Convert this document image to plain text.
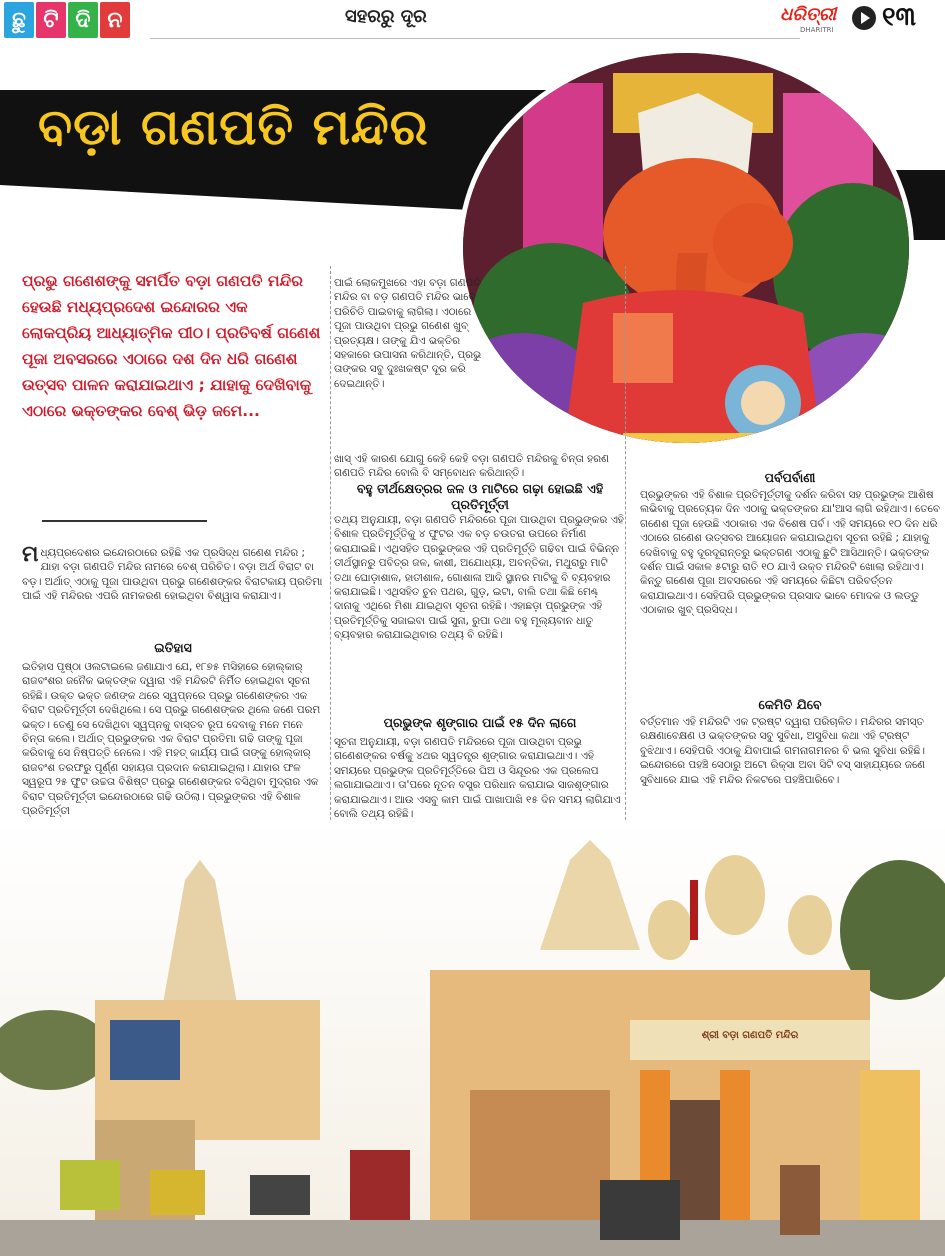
ଛୁ ଟି ଦି ନ	ସହରରୁ ଦୂର	ଧରିତ୍ରୀ
DHARITRI ୧୩
ବଡ଼ା ଗଣପତି ମନ୍ଦିର
ପ୍ରଭୁ ଗଣେଶଙ୍କୁ ସମର୍ପିତ ବଡ଼ା ଗଣପତି ମନ୍ଦିର ହେଉଛି ମଧ୍ୟପ୍ରଦେଶ ଇନ୍ଦୋରର ଏକ ଲୋକପ୍ରିୟ ଆଧ୍ୟାତ୍ମିକ ପୀଠ। ପ୍ରତିବର୍ଷ ଗଣେଶ ପୂଜା ଅବସରରେ ଏଠାରେ ଦଶ ଦିନ ଧରି ଗଣେଶ ଉତ୍ସବ ପାଳନ କରାଯାଇଥାଏ ; ଯାହାକୁ ଦେଖିବାକୁ ଏଠାରେ ଭକ୍ତଙ୍କର ବେଶ୍ ଭିଡ଼ ଜମେ...
ମ ଧ୍ୟପ୍ରଦେଶର ଇନ୍ଦୋରଠାରେ ରହିଛି ଏକ ପ୍ରସିଦ୍ଧ ଗଣେଶ ମନ୍ଦିର ; ଯାହା ବଡ଼ା ଗଣପତି ମନ୍ଦିର ନାମରେ ବେଶ୍ ପରିଚିତ। ବଡ଼ା ଅର୍ଥ ବିରାଟ ବା ବଡ଼। ଅର୍ଥାତ୍ ଏଠାକୁ ପୂଜା ପାଉଥିବା ପ୍ରଭୁ ଗଣେଶଙ୍କର ବିରାଟକାୟ ପ୍ରତିମା ପାଇଁ ଏହି ମନ୍ଦିରର ଏପରି ନାମକରଣ ହୋଇଥିବା ବିଶ୍ୱାସ କରାଯାଏ।
ଇତିହାସ
ଇତିହାସ ପୃଷ୍ଠା ଓଲଟାଇଲେ ଜଣାଯାଏ ଯେ, ୧୮୭୫ ମସିହାରେ ହୋଲ୍‌କାର୍ ରାଜବଂଶର ଜନୈକ ଭକ୍ତଙ୍କ ଦ୍ୱାରା ଏହି ମନ୍ଦିରଟି ନିର୍ମିତ ହୋଇଥିବା ସୂଚନା ରହିଛି। ଉକ୍ତ ଭକ୍ତ ଜଣଙ୍କ ଥରେ ସ୍ୱପ୍ନରେ ପ୍ରଭୁ ଗଣେଶଙ୍କର ଏକ ବିରାଟ ପ୍ରତିମୂର୍ତ୍ତୀ ଦେଖିଥିଲେ। ସେ ପ୍ରଭୁ ଗଣେଶଙ୍କର ଥିଲେ ଜଣେ ପରମ ଭକ୍ତ। ତେଣୁ ସେ ଦେଖିଥିବା ସ୍ୱପ୍ନକୁ ବାସ୍ତବ ରୂପ ଦେବାକୁ ମନେ ମନେ ଚିନ୍ତା କଲେ। ଅର୍ଥାତ୍ ପ୍ରଭୁଙ୍କର ଏକ ବିରାଟ ପ୍ରତିମା ଗଢି ତାଙ୍କୁ ପୂଜା କରିବାକୁ ସେ ନିଷ୍ପତ୍ତି ନେଲେ। ଏହି ମହତ୍ କାର୍ଯ୍ୟ ପାଇଁ ତାଙ୍କୁ ହୋଲ୍‌କାର୍ ରାଜବଂଶ ତରଫରୁ ପୂର୍ଣ୍ଣ ସହାୟତା ପ୍ରଦାନ କରାଯାଇଥିଲା। ଯାହାର ଫଳ ସ୍ୱରୂପ ୨୫ ଫୁଟ ଉଚ୍ଚତା ବିଶିଷ୍ଟ ପ୍ରଭୁ ଗଣେଶଙ୍କର ବସିଥିବା ମୁଦ୍ରାର ଏକ ବିରାଟ ପ୍ରତିମୂର୍ତ୍ତୀ ଇନ୍ଦୋରଠାରେ ଗଢି ଉଠିଲା। ପ୍ରଭୁଙ୍କର ଏହି ବିଶାଳ ପ୍ରତିମୂର୍ତ୍ତୀ
ପାଇଁ ଲୋକମୁଖରେ ଏହା ବଡ଼ା ଗଣପତି ମନ୍ଦିର ବା ବଡ଼ ଗଣପତି ମନ୍ଦିର ଭାବେ ପରିଚିତି ପାଇବାକୁ ଲାଗିଲା। ଏଠାରେ ପୂଜା ପାଉଥିବା ପ୍ରଭୁ ଗଣେଶ ଖୁବ୍ ପ୍ରତ୍ୟକ୍ଷ। ତାଙ୍କୁ ଯିଏ ଭକ୍ତିର ସହକାରେ ଉପାସନା କରିଥାନ୍ତି, ପ୍ରଭୁ ତାଙ୍କର ସବୁ ଦୁଃଖକଷ୍ଟ ଦୂର କରି ଦେଇଥାନ୍ତି।
ଖାସ୍ ଏହି କାରଣ ଯୋଗୁ କେହି କେହି ବଡ଼ା ଗଣପତି ମନ୍ଦିରକୁ ଚିନ୍ତା ହରଣ ଗଣପତି ମନ୍ଦିର ବୋଲି ବି ସମ୍ବୋଧନ କରିଥାନ୍ତି।
ବହୁ ତୀର୍ଥକ୍ଷେତ୍ରର ଜଳ ଓ ମାଟିରେ ଗଢ଼ା ହୋଇଛି ଏହି ପ୍ରତିମୂର୍ତ୍ତୀ
ତଥ୍ୟ ଅନୁଯାୟୀ, ବଡ଼ା ଗଣପତି ମନ୍ଦିରରେ ପୂଜା ପାଉଥିବା ପ୍ରଭୁଙ୍କର ଏହି ବିଶାଳ ପ୍ରତିମୂର୍ତ୍ତିକୁ ୪ ଫୁଟର ଏକ ବଡ଼ ଚଉତରା ଉପରେ ନିର୍ମାଣ କରାଯାଇଛି। ଏଥିସହିତ ପ୍ରଭୁଙ୍କର ଏହି ପ୍ରତିମୂର୍ତ୍ତି ଗଢିବା ପାଇଁ ବିଭିନ୍ନ ତୀର୍ଥସ୍ଥାନରୁ ପବିତ୍ର ଜଳ, କାଶୀ, ଅଯୋଧ୍ୟା, ଅବନ୍ତିକା, ମଥୁରାରୁ ମାଟି ତଥା ଘୋଡ଼ାଶାଳ, ହାତୀଶାଳ, ଗୋଶାଳା ଆଦି ସ୍ଥାନର ମାଟିକୁ ବି ବ୍ୟବହାର କରାଯାଇଛି। ଏଥିସହିତ ଚୁନ ପଥର, ଗୁଡ଼, ଇଟା, ବାଲି ତଥା କିଛି ମେଣ୍ଢ଼ ଦାନାକୁ ଏଥିରେ ମିଶା ଯାଇଥିବା ସୂଚନା ରହିଛି। ଏହାଛଡ଼ା ପ୍ରଭୁଙ୍କ ଏହି ପ୍ରତିମୂର୍ତ୍ତିକୁ ସଜାଇବା ପାଇଁ ସୁନା, ରୁପା ତଥା ବହୁ ମୂଲ୍ୟବାନ ଧାତୁ ବ୍ୟବହାର କରାଯାଇଥିବାର ତଥ୍ୟ ବି ରହିଛି।
ପ୍ରଭୁଙ୍କ ଶୃଙ୍ଗାର ପାଇଁ ୧୫ ଦିନ ଲାଗେ
ସୂଚନା ଅନୁଯାୟୀ, ବଡ଼ା ଗଣପତି ମନ୍ଦିରରେ ପୂଜା ପାଉଥିବା ପ୍ରଭୁ ଗଣେଶଙ୍କର ବର୍ଷକୁ ୪ଥର ସ୍ୱତନ୍ତ୍ର ଶୃଙ୍ଗାର କରାଯାଇଥାଏ। ଏହି ସମୟରେ ପ୍ରଭୁଙ୍କ ପ୍ରତିମୂର୍ତ୍ତିରେ ଘିଅ ଓ ସିନ୍ଦୂରର ଏକ ପ୍ରଲେପ ଲଗାଯାଇଥାଏ। ତା'ପରେ ନୂତନ ବସ୍ତ୍ର ପରିଧାନ କରାଯାଇ ସାଜଶୃଙ୍ଗାର କରାଯାଇଥାଏ। ଆଉ ଏସବୁ କାମ ପାଇଁ ପାଖାପାଖି ୧୫ ଦିନ ସମୟ ଲାଗିଯାଏ ବୋଲି ତଥ୍ୟ ରହିଛି।
ପର୍ବପର୍ବାଣୀ
ପ୍ରଭୁଙ୍କର ଏହି ବିଶାଳ ପ୍ରତିମୂର୍ତ୍ତୀକୁ ଦର୍ଶନ କରିବା ସହ ପ୍ରଭୁଙ୍କ ଆଶିଷ ଲଭିବାକୁ ପ୍ରତ୍ୟେକ ଦିନ ଏଠାକୁ ଭକ୍ତଙ୍କର ଯା'ଆସ ଲାଗି ରହିଥାଏ। ତେବେ ଗଣେଶ ପୂଜା ହେଉଛି ଏଠାକାର ଏକ ବିଶେଷ ପର୍ବ। ଏହି ସମୟରେ ୧୦ ଦିନ ଧରି ଏଠାରେ ଗଣେଶ ଉତ୍ସବର ଆୟୋଜନ କରାଯାଇଥିବା ସୂଚନା ରହିଛି ; ଯାହାକୁ ଦେଖିବାକୁ ବହୁ ଦୂରଦୂରାନ୍ତରୁ ଭକ୍ତଗଣ ଏଠାକୁ ଛୁଟି ଆସିଥାନ୍ତି। ଭକ୍ତଙ୍କ ଦର୍ଶନ ପାଇଁ ସକାଳ ୫ଟାରୁ ରାତି ୧୦ ଯାଏଁ ଉକ୍ତ ମନ୍ଦିରଟି ଖୋଲା ରହିଥାଏ। କିନ୍ତୁ ଗଣେଶ ପୂଜା ଅବସରରେ ଏହି ସମୟରେ କିଛିଟା ପରିବର୍ତ୍ତନ କରାଯାଇଥାଏ। ସେହିପରି ପ୍ରଭୁଙ୍କର ପ୍ରସାଦ ଭାବେ ମୋଦକ ଓ ଲଡ୍ଡୁ ଏଠାକାର ଖୁବ୍ ପ୍ରସିଦ୍ଧ।
କେମିତି ଯିବେ
ବର୍ତ୍ତମାନ ଏହି ମନ୍ଦିରଟି ଏକ ଟ୍ରଷ୍ଟ ଦ୍ୱାରା ପରିଚାଳିତ। ମନ୍ଦିରର ସମସ୍ତ ରକ୍ଷଣାବେକ୍ଷଣ ଓ ଭକ୍ତଙ୍କର ସବୁ ସୁବିଧା, ଅସୁବିଧା କଥା ଏହି ଟ୍ରଷ୍ଟ ବୁଝିଥାଏ। ସେହିପରି ଏଠାକୁ ଯିବାପାଇଁ ଗମନାଗମନର ବି ଭଲ ସୁବିଧା ରହିଛି। ଇନ୍ଦୋରରେ ପହଞ୍ଚି ସେଠାରୁ ଅଟୋ ରିକ୍ସା ଅବା ସିଟି ବସ୍ ସାହାଯ୍ୟରେ ଜଣେ ସୁବିଧାରେ ଯାଇ ଏହି ମନ୍ଦିର ନିକଟରେ ପହଞ୍ଚିପାରିବେ।
ଶ୍ରୀ ବଡ଼ା ଗଣପତି ମନ୍ଦିର
